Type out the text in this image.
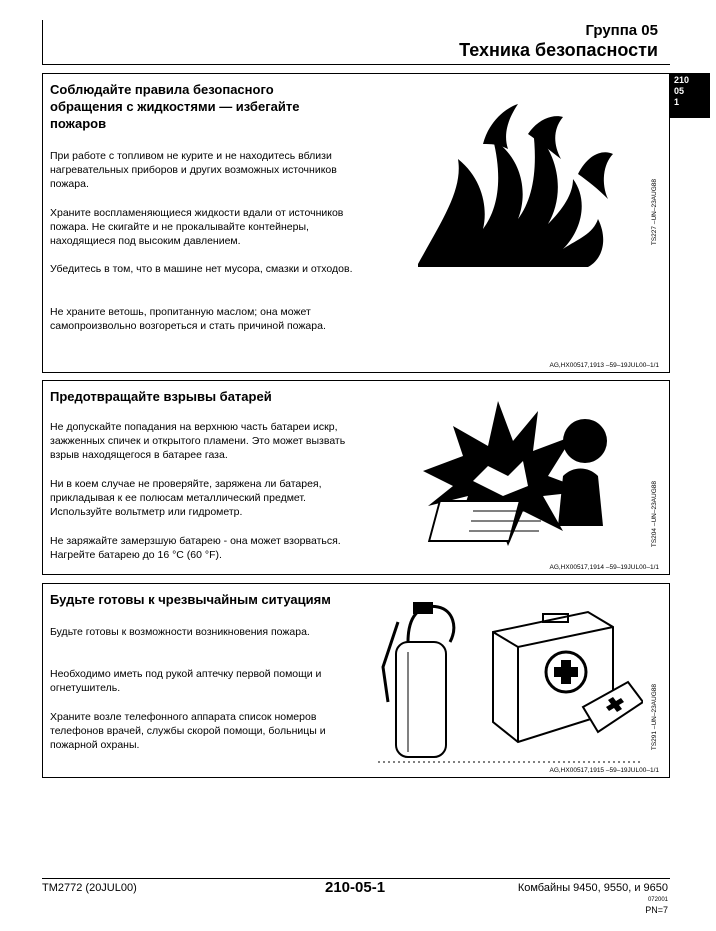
Группа 05
Техника безопасности
210
05
1
Соблюдайте правила безопасного обращения с жидкостями — избегайте пожаров
При работе с топливом не курите и не находитесь вблизи нагревательных приборов и других возможных источников пожара.
Храните воспламеняющиеся жидкости вдали от источников пожара. Не скигайте и не прокалывайте контейнеры, находящиеся под высоким давлением.
Убедитесь в том, что в машине нет мусора, смазки и отходов.
Не храните ветошь, пропитанную маслом; она может самопроизвольно возгореться и стать причиной пожара.
TS227 –UN–23AUG88
AG,HX00517,1913 –59–19JUL00–1/1
Предотвращайте взрывы батарей
Не допускайте попадания на верхнюю часть батареи искр, зажженных спичек и открытого пламени. Это может вызвать взрыв находящегося в батарее газа.
Ни в коем случае не проверяйте, заряжена ли батарея, прикладывая к ее полюсам металлический предмет. Используйте вольтметр или гидрометр.
Не заряжайте замерзшую батарею - она может взорваться. Нагрейте батарею до 16 °C (60 °F).
TS204 –UN–23AUG88
AG,HX00517,1914 –59–19JUL00–1/1
Будьте готовы к чрезвычайным ситуациям
Будьте готовы к возможности возникновения пожара.
Необходимо иметь под рукой аптечку первой помощи и огнетушитель.
Храните возле телефонного аппарата список номеров телефонов врачей, службы скорой помощи, больницы и пожарной охраны.	TS291 –UN–23AUG88
AG,HX00517,1915 –59–19JUL00–1/1
TM2772 (20JUL00)	210-05-1	Комбайны 9450, 9550, и 9650
072001
PN=7
